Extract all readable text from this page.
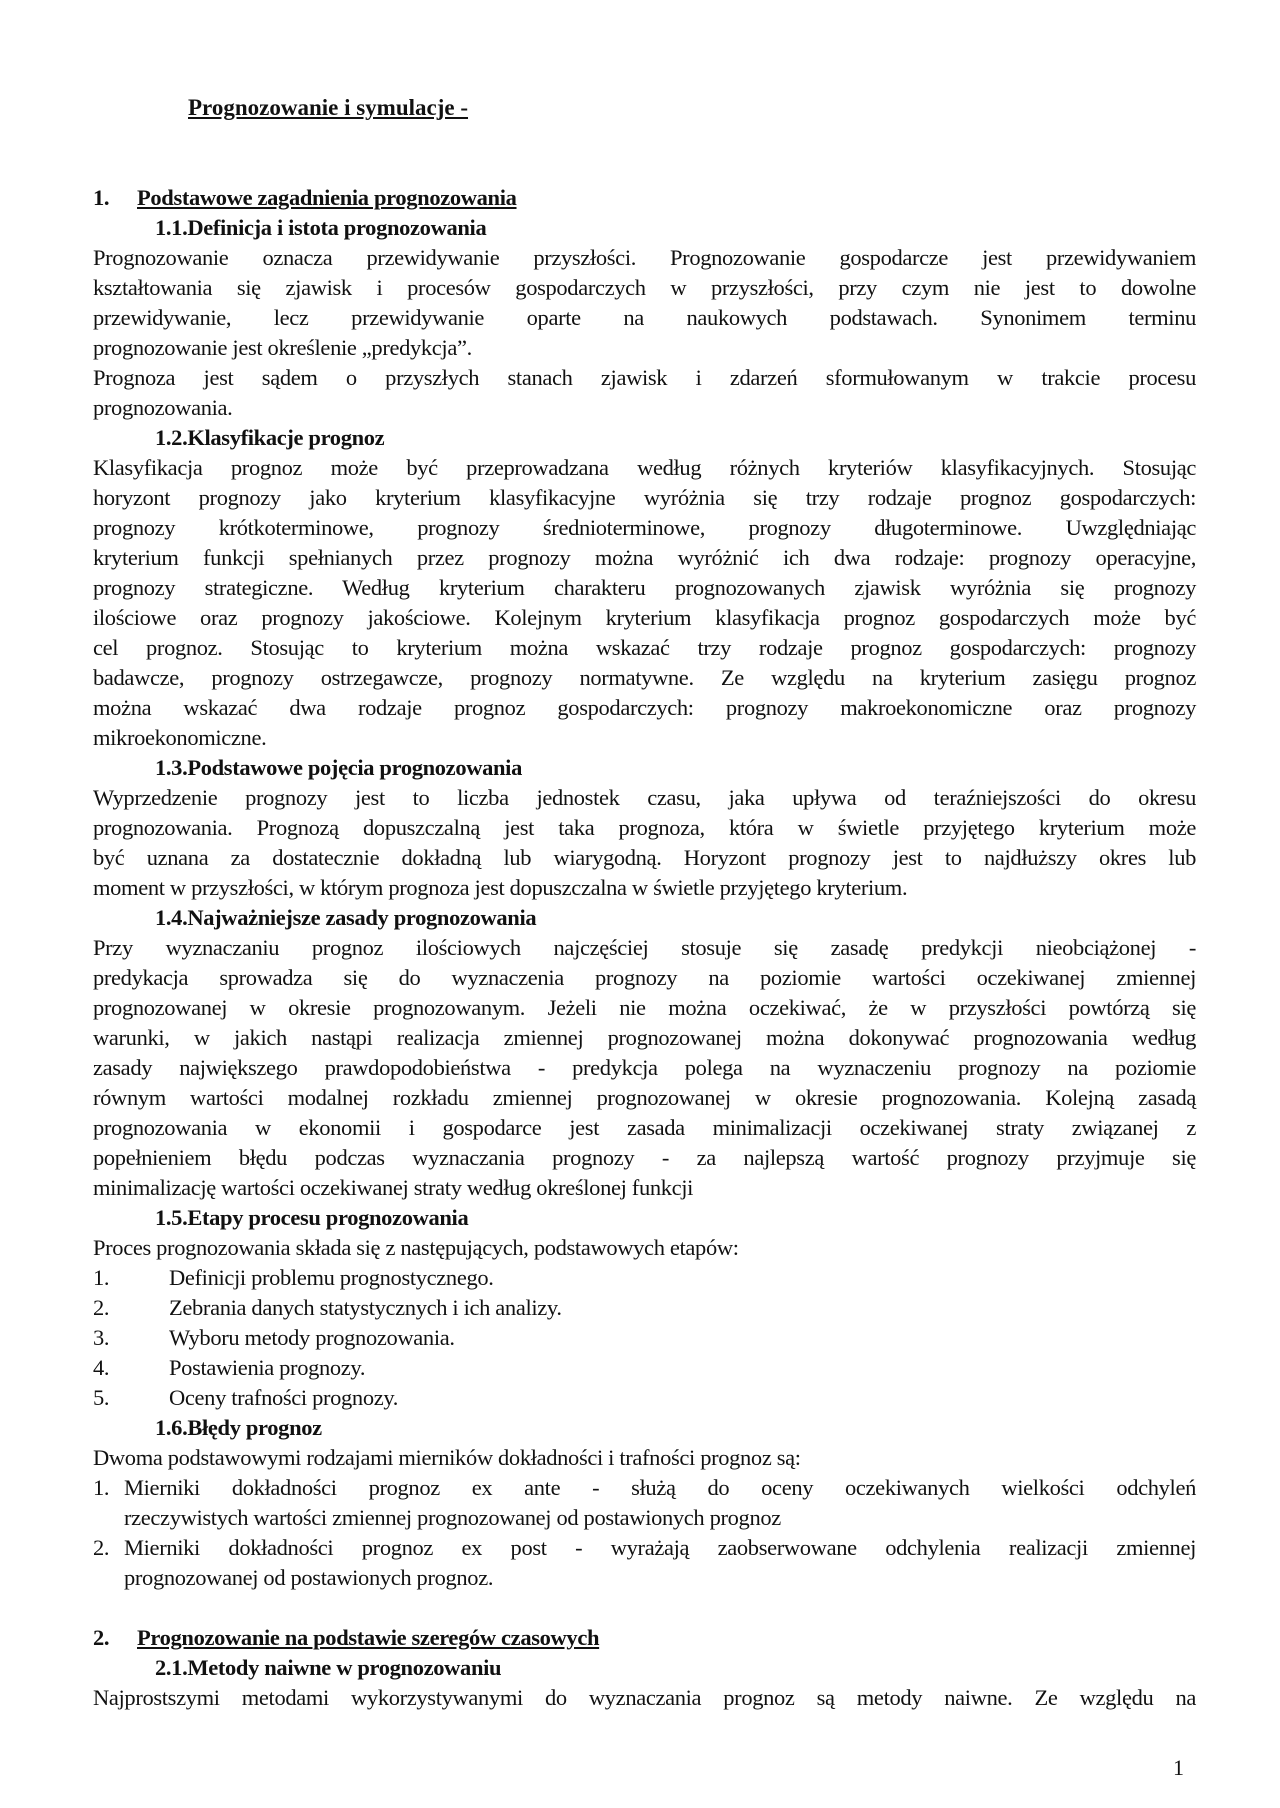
Prognozowanie i symulacje -
1. Podstawowe zagadnienia prognozowania
1.1.Definicja i istota prognozowania
Prognozowanie oznacza przewidywanie przyszłości. Prognozowanie gospodarcze jest przewidywaniem
kształtowania się zjawisk i procesów gospodarczych w przyszłości, przy czym nie jest to dowolne
przewidywanie, lecz przewidywanie oparte na naukowych podstawach. Synonimem terminu
prognozowanie jest określenie „predykcja”.
Prognoza jest sądem o przyszłych stanach zjawisk i zdarzeń sformułowanym w trakcie procesu
prognozowania.
1.2.Klasyfikacje prognoz
Klasyfikacja prognoz może być przeprowadzana według różnych kryteriów klasyfikacyjnych. Stosując
horyzont prognozy jako kryterium klasyfikacyjne wyróżnia się trzy rodzaje prognoz gospodarczych:
prognozy krótkoterminowe, prognozy średnioterminowe, prognozy długoterminowe. Uwzględniając
kryterium funkcji spełnianych przez prognozy można wyróżnić ich dwa rodzaje: prognozy operacyjne,
prognozy strategiczne. Według kryterium charakteru prognozowanych zjawisk wyróżnia się prognozy
ilościowe oraz prognozy jakościowe. Kolejnym kryterium klasyfikacja prognoz gospodarczych może być
cel prognoz. Stosując to kryterium można wskazać trzy rodzaje prognoz gospodarczych: prognozy
badawcze, prognozy ostrzegawcze, prognozy normatywne. Ze względu na kryterium zasięgu prognoz
można wskazać dwa rodzaje prognoz gospodarczych: prognozy makroekonomiczne oraz prognozy
mikroekonomiczne.
1.3.Podstawowe pojęcia prognozowania
Wyprzedzenie prognozy jest to liczba jednostek czasu, jaka upływa od teraźniejszości do okresu
prognozowania. Prognozą dopuszczalną jest taka prognoza, która w świetle przyjętego kryterium może
być uznana za dostatecznie dokładną lub wiarygodną. Horyzont prognozy jest to najdłuższy okres lub
moment w przyszłości, w którym prognoza jest dopuszczalna w świetle przyjętego kryterium.
1.4.Najważniejsze zasady prognozowania
Przy wyznaczaniu prognoz ilościowych najczęściej stosuje się zasadę predykcji nieobciążonej -
predykacja sprowadza się do wyznaczenia prognozy na poziomie wartości oczekiwanej zmiennej
prognozowanej w okresie prognozowanym. Jeżeli nie można oczekiwać, że w przyszłości powtórzą się
warunki, w jakich nastąpi realizacja zmiennej prognozowanej można dokonywać prognozowania według
zasady największego prawdopodobieństwa - predykcja polega na wyznaczeniu prognozy na poziomie
równym wartości modalnej rozkładu zmiennej prognozowanej w okresie prognozowania. Kolejną zasadą
prognozowania w ekonomii i gospodarce jest zasada minimalizacji oczekiwanej straty związanej z
popełnieniem błędu podczas wyznaczania prognozy - za najlepszą wartość prognozy przyjmuje się
minimalizację wartości oczekiwanej straty według określonej funkcji
1.5.Etapy procesu prognozowania
Proces prognozowania składa się z następujących, podstawowych etapów:
1.	Definicji problemu prognostycznego.
2.	Zebrania danych statystycznych i ich analizy.
3.	Wyboru metody prognozowania.
4.	Postawienia prognozy.
5.	Oceny trafności prognozy.
1.6.Błędy prognoz
Dwoma podstawowymi rodzajami mierników dokładności i trafności prognoz są:
1. Mierniki dokładności prognoz ex ante - służą do oceny oczekiwanych wielkości odchyleń
rzeczywistych wartości zmiennej prognozowanej od postawionych prognoz
2. Mierniki dokładności prognoz ex post - wyrażają zaobserwowane odchylenia realizacji zmiennej
prognozowanej od postawionych prognoz.
2. Prognozowanie na podstawie szeregów czasowych
2.1.Metody naiwne w prognozowaniu
Najprostszymi metodami wykorzystywanymi do wyznaczania prognoz są metody naiwne. Ze względu na
1
